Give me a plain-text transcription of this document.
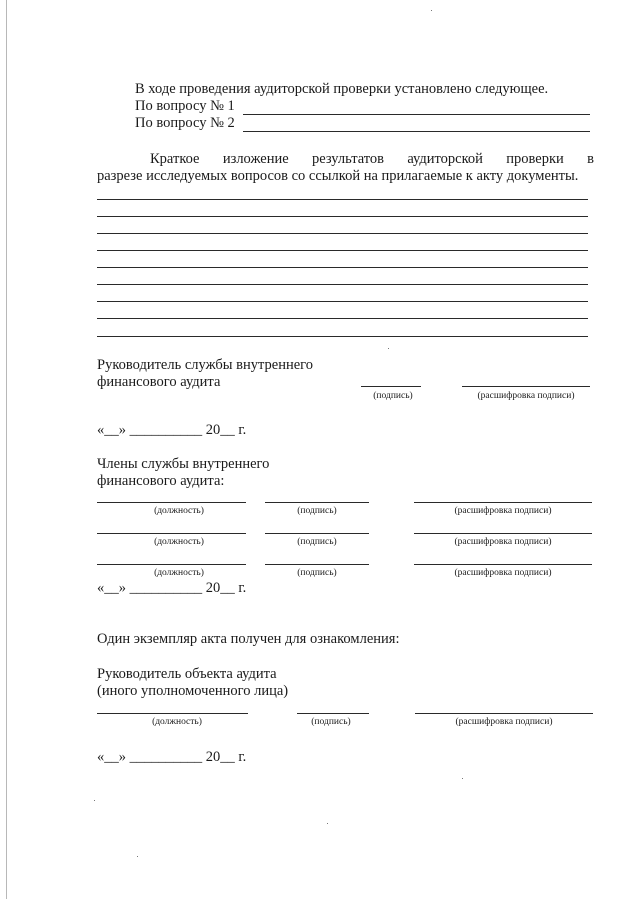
В ходе проведения аудиторской проверки установлено следующее.
По вопросу № 1
По вопросу № 2
Краткое изложение результатов аудиторской проверки в
разрезе исследуемых вопросов со ссылкой на прилагаемые к акту документы.
Руководитель службы внутреннего
финансового аудита
(подпись)	(расшифровка подписи)
«__» __________ 20__ г.
Члены службы внутреннего
финансового аудита:
(должность)	(подпись)	(расшифровка подписи)
(должность)	(подпись)	(расшифровка подписи)
(должность)	(подпись)	(расшифровка подписи)
«__» __________ 20__ г.
Один экземпляр акта получен для ознакомления:
Руководитель объекта аудита
(иного уполномоченного лица)
(должность)	(подпись)	(расшифровка подписи)
«__» __________ 20__ г.
